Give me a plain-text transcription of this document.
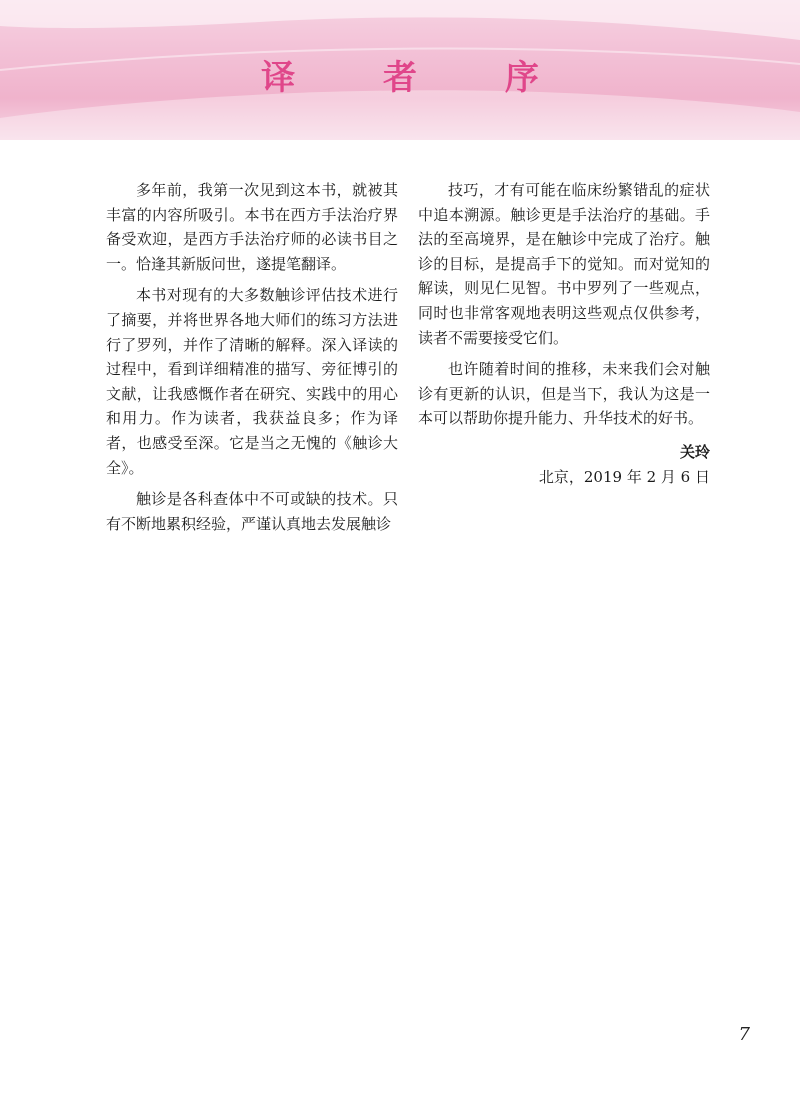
译 者 序

多年前，我第一次见到这本书，就被其丰富的内容所吸引。本书在西方手法治疗界备受欢迎，是西方手法治疗师的必读书目之一。恰逢其新版问世，遂提笔翻译。

本书对现有的大多数触诊评估技术进行了摘要，并将世界各地大师们的练习方法进行了罗列，并作了清晰的解释。深入译读的过程中，看到详细精准的描写、旁征博引的文献，让我感慨作者在研究、实践中的用心和用力。作为读者，我获益良多；作为译者，也感受至深。它是当之无愧的《触诊大全》。

触诊是各科查体中不可或缺的技术。只有不断地累积经验，严谨认真地去发展触诊

技巧，才有可能在临床纷繁错乱的症状中追本溯源。触诊更是手法治疗的基础。手法的至高境界，是在触诊中完成了治疗。触诊的目标，是提高手下的觉知。而对觉知的解读，则见仁见智。书中罗列了一些观点，同时也非常客观地表明这些观点仅供参考，读者不需要接受它们。

也许随着时间的推移，未来我们会对触诊有更新的认识，但是当下，我认为这是一本可以帮助你提升能力、升华技术的好书。

关玲
北京，2019 年 2 月 6 日
7
